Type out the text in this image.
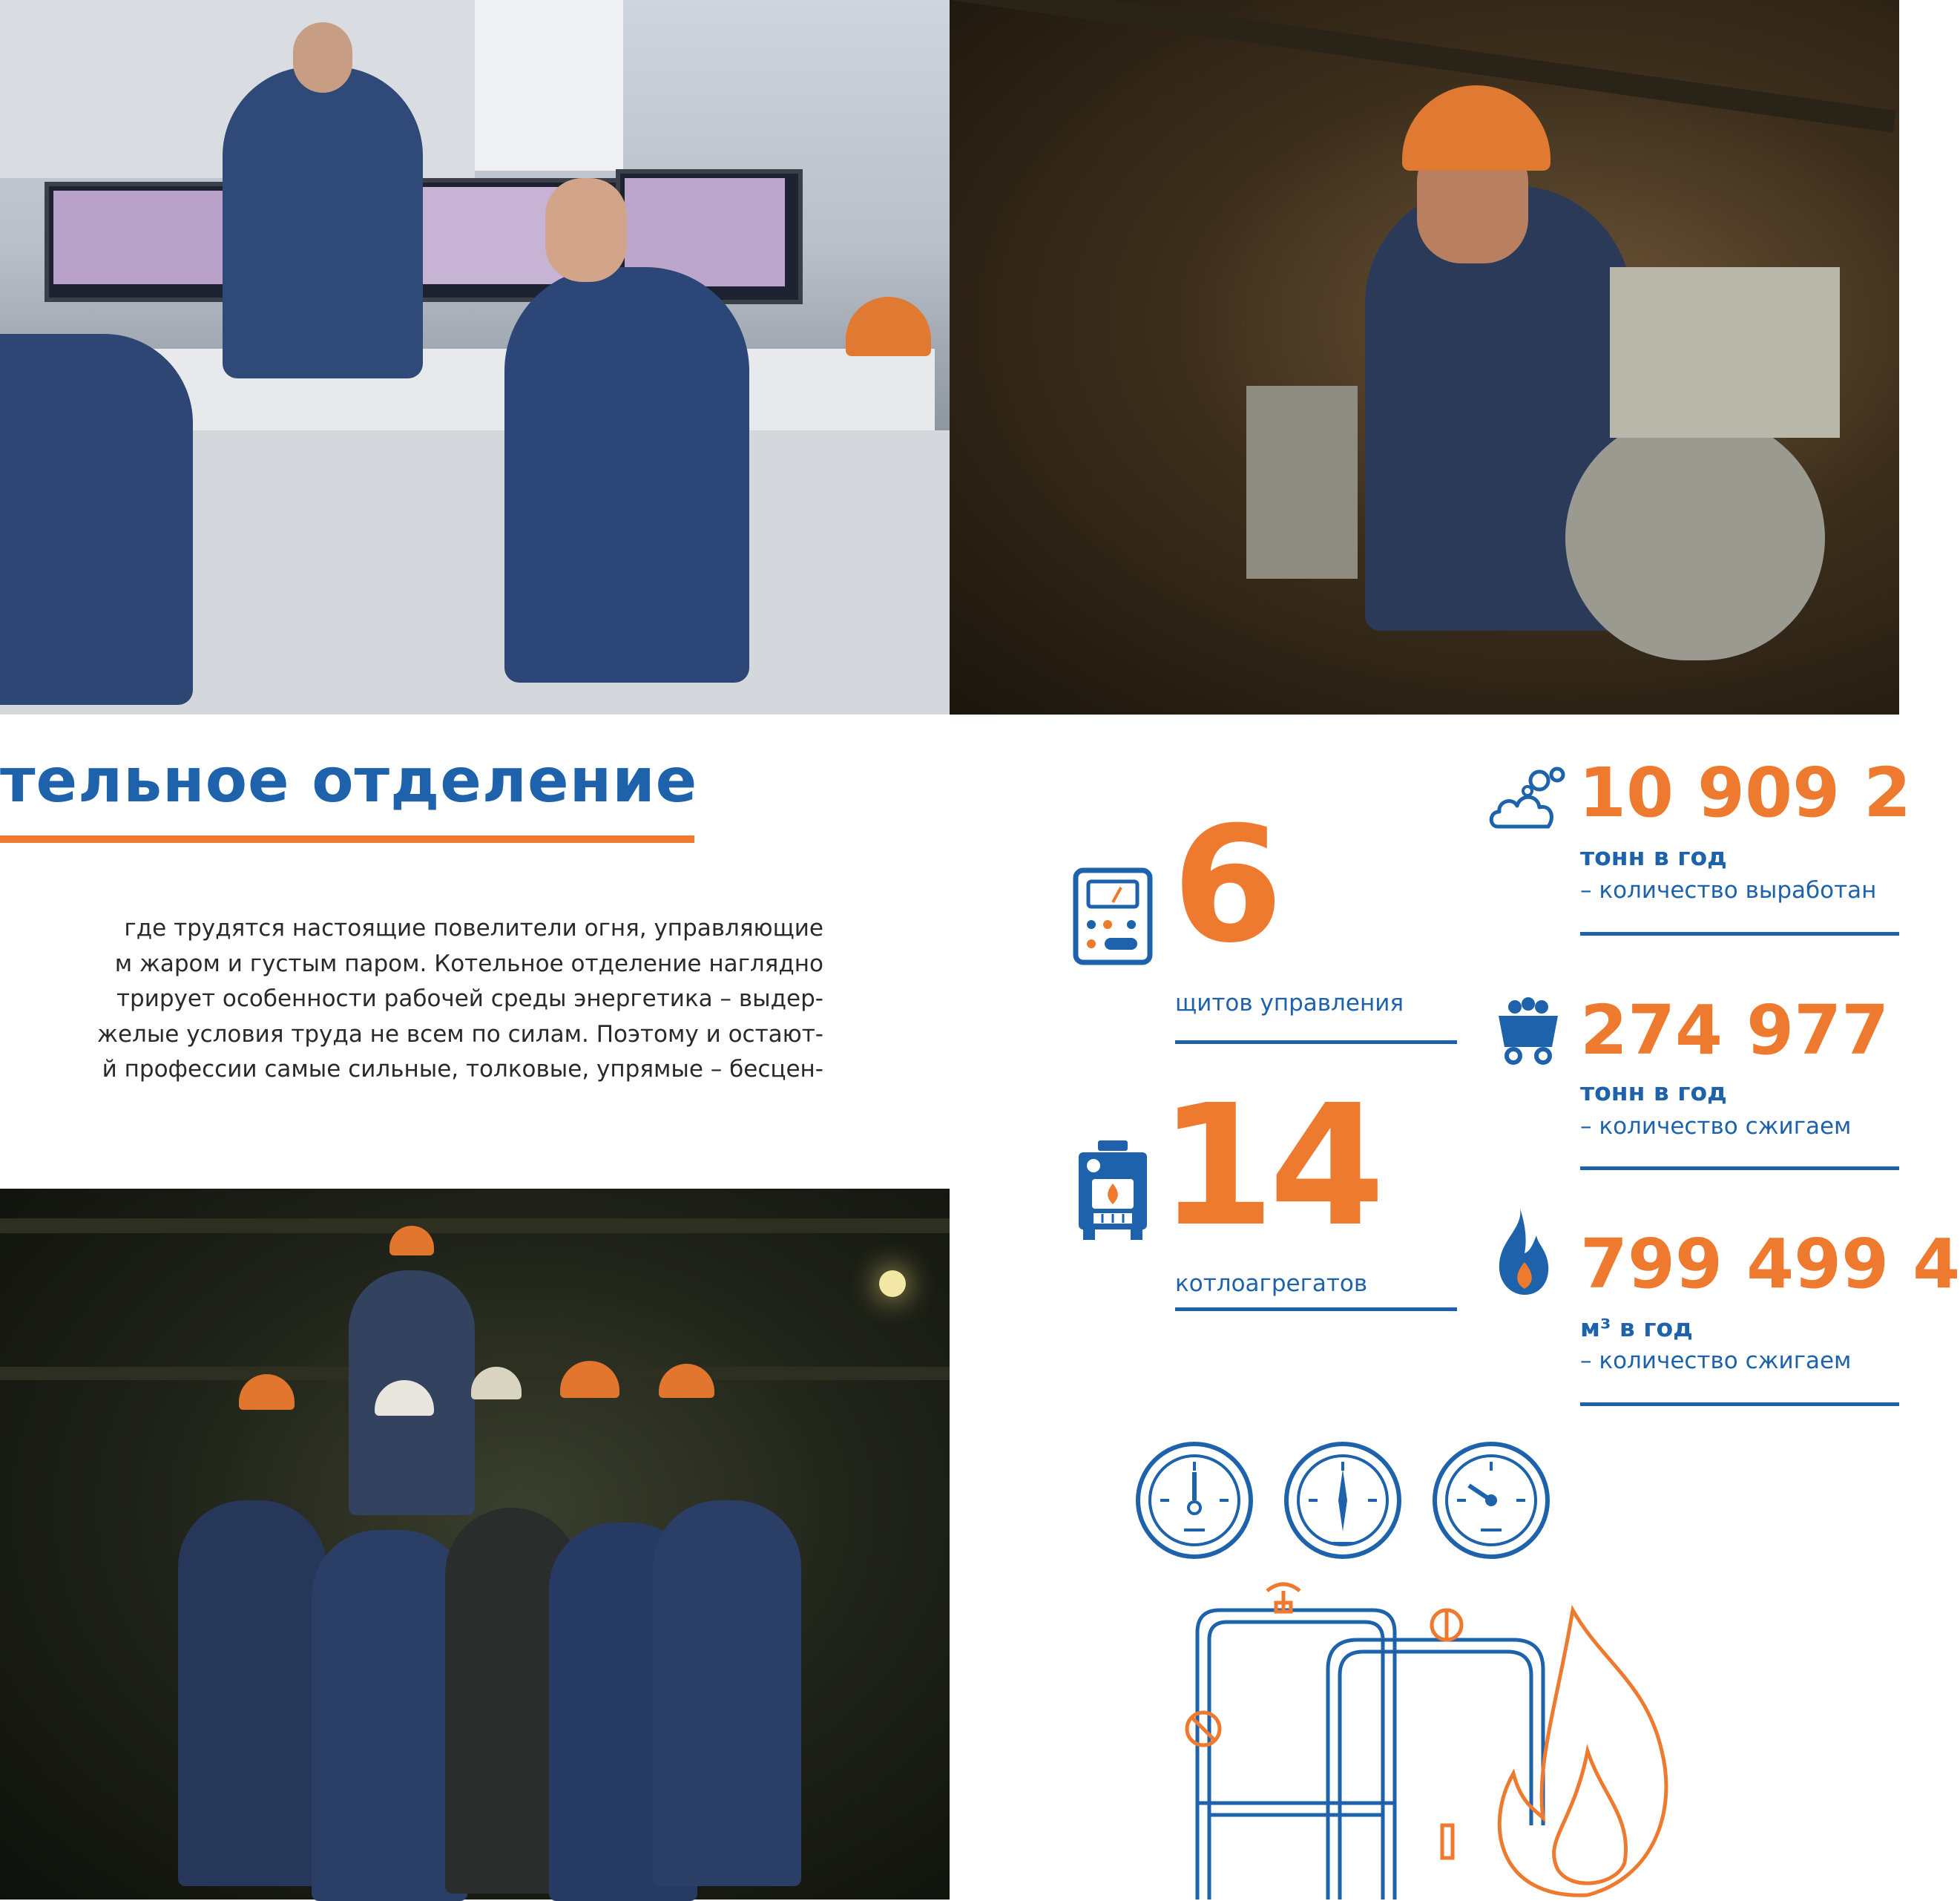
тельное отделение
где трудятся настоящие повелители огня, управляющие
м жаром и густым паром. Котельное отделение наглядно
трирует особенности рабочей среды энергетика – выдер-
желые условия труда не всем по силам. Поэтому и остают-
й профессии самые сильные, толковые, упрямые – бесцен-
6
щитов управления
14
котлоагрегатов
10 909 2
тонн в год
– количество выработан
274 977
тонн в год
– количество сжигаем
799 499 4
м³ в год
– количество сжигаем
